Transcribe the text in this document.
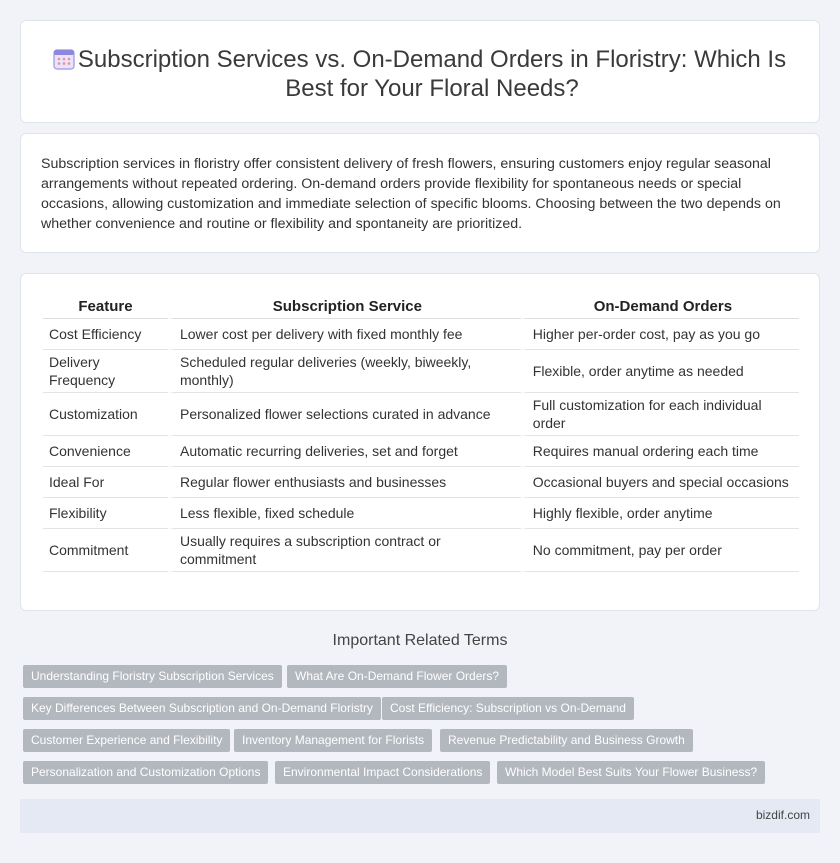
Subscription Services vs. On-Demand Orders in Floristry: Which Is Best for Your Floral Needs?

Subscription services in floristry offer consistent delivery of fresh flowers, ensuring customers enjoy regular seasonal arrangements without repeated ordering. On-demand orders provide flexibility for spontaneous needs or special occasions, allowing customization and immediate selection of specific blooms. Choosing between the two depends on whether convenience and routine or flexibility and spontaneity are prioritized.

Feature	Subscription Service	On-Demand Orders
Cost Efficiency	Lower cost per delivery with fixed monthly fee	Higher per-order cost, pay as you go
Delivery Frequency	Scheduled regular deliveries (weekly, biweekly, monthly)	Flexible, order anytime as needed
Customization	Personalized flower selections curated in advance	Full customization for each individual order
Convenience	Automatic recurring deliveries, set and forget	Requires manual ordering each time
Ideal For	Regular flower enthusiasts and businesses	Occasional buyers and special occasions
Flexibility	Less flexible, fixed schedule	Highly flexible, order anytime
Commitment	Usually requires a subscription contract or commitment	No commitment, pay per order
Important Related Terms
Understanding Floristry Subscription Services	What Are On-Demand Flower Orders?
Key Differences Between Subscription and On-Demand Floristry	Cost Efficiency: Subscription vs On-Demand
Customer Experience and Flexibility	Inventory Management for Florists	Revenue Predictability and Business Growth
Personalization and Customization Options	Environmental Impact Considerations	Which Model Best Suits Your Flower Business?
bizdif.com
